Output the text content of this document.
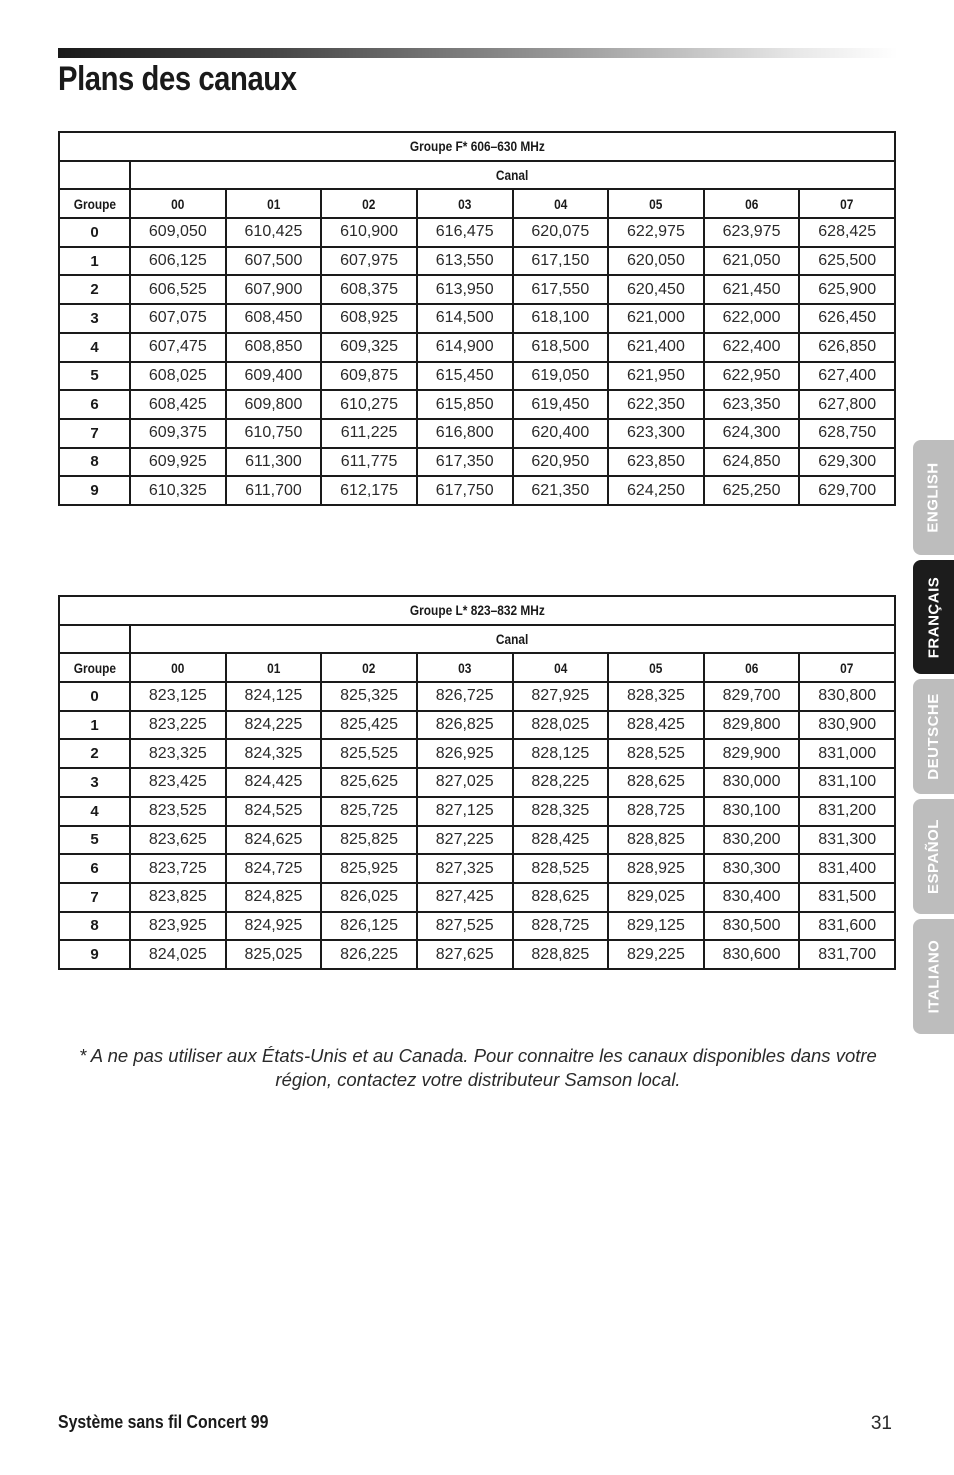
Plans des canaux
Groupe F* 606–630 MHz								
	Canal							
Groupe	00	01	02	03	04	05	06	07
0	609,050	610,425	610,900	616,475	620,075	622,975	623,975	628,425
1	606,125	607,500	607,975	613,550	617,150	620,050	621,050	625,500
2	606,525	607,900	608,375	613,950	617,550	620,450	621,450	625,900
3	607,075	608,450	608,925	614,500	618,100	621,000	622,000	626,450
4	607,475	608,850	609,325	614,900	618,500	621,400	622,400	626,850
5	608,025	609,400	609,875	615,450	619,050	621,950	622,950	627,400
6	608,425	609,800	610,275	615,850	619,450	622,350	623,350	627,800
7	609,375	610,750	611,225	616,800	620,400	623,300	624,300	628,750
8	609,925	611,300	611,775	617,350	620,950	623,850	624,850	629,300
9	610,325	611,700	612,175	617,750	621,350	624,250	625,250	629,700
Groupe L* 823–832 MHz								
	Canal							
Groupe	00	01	02	03	04	05	06	07
0	823,125	824,125	825,325	826,725	827,925	828,325	829,700	830,800
1	823,225	824,225	825,425	826,825	828,025	828,425	829,800	830,900
2	823,325	824,325	825,525	826,925	828,125	828,525	829,900	831,000
3	823,425	824,425	825,625	827,025	828,225	828,625	830,000	831,100
4	823,525	824,525	825,725	827,125	828,325	828,725	830,100	831,200
5	823,625	824,625	825,825	827,225	828,425	828,825	830,200	831,300
6	823,725	824,725	825,925	827,325	828,525	828,925	830,300	831,400
7	823,825	824,825	826,025	827,425	828,625	829,025	830,400	831,500
8	823,925	824,925	826,125	827,525	828,725	829,125	830,500	831,600
9	824,025	825,025	826,225	827,625	828,825	829,225	830,600	831,700
* A ne pas utiliser aux États-Unis et au Canada. Pour connaitre les canaux disponibles dans votre
région, contactez votre distributeur Samson local.
Système sans fil Concert 99	31
ENGLISH
FRANÇAIS
DEUTSCHE
ESPAÑOL
ITALIANO
